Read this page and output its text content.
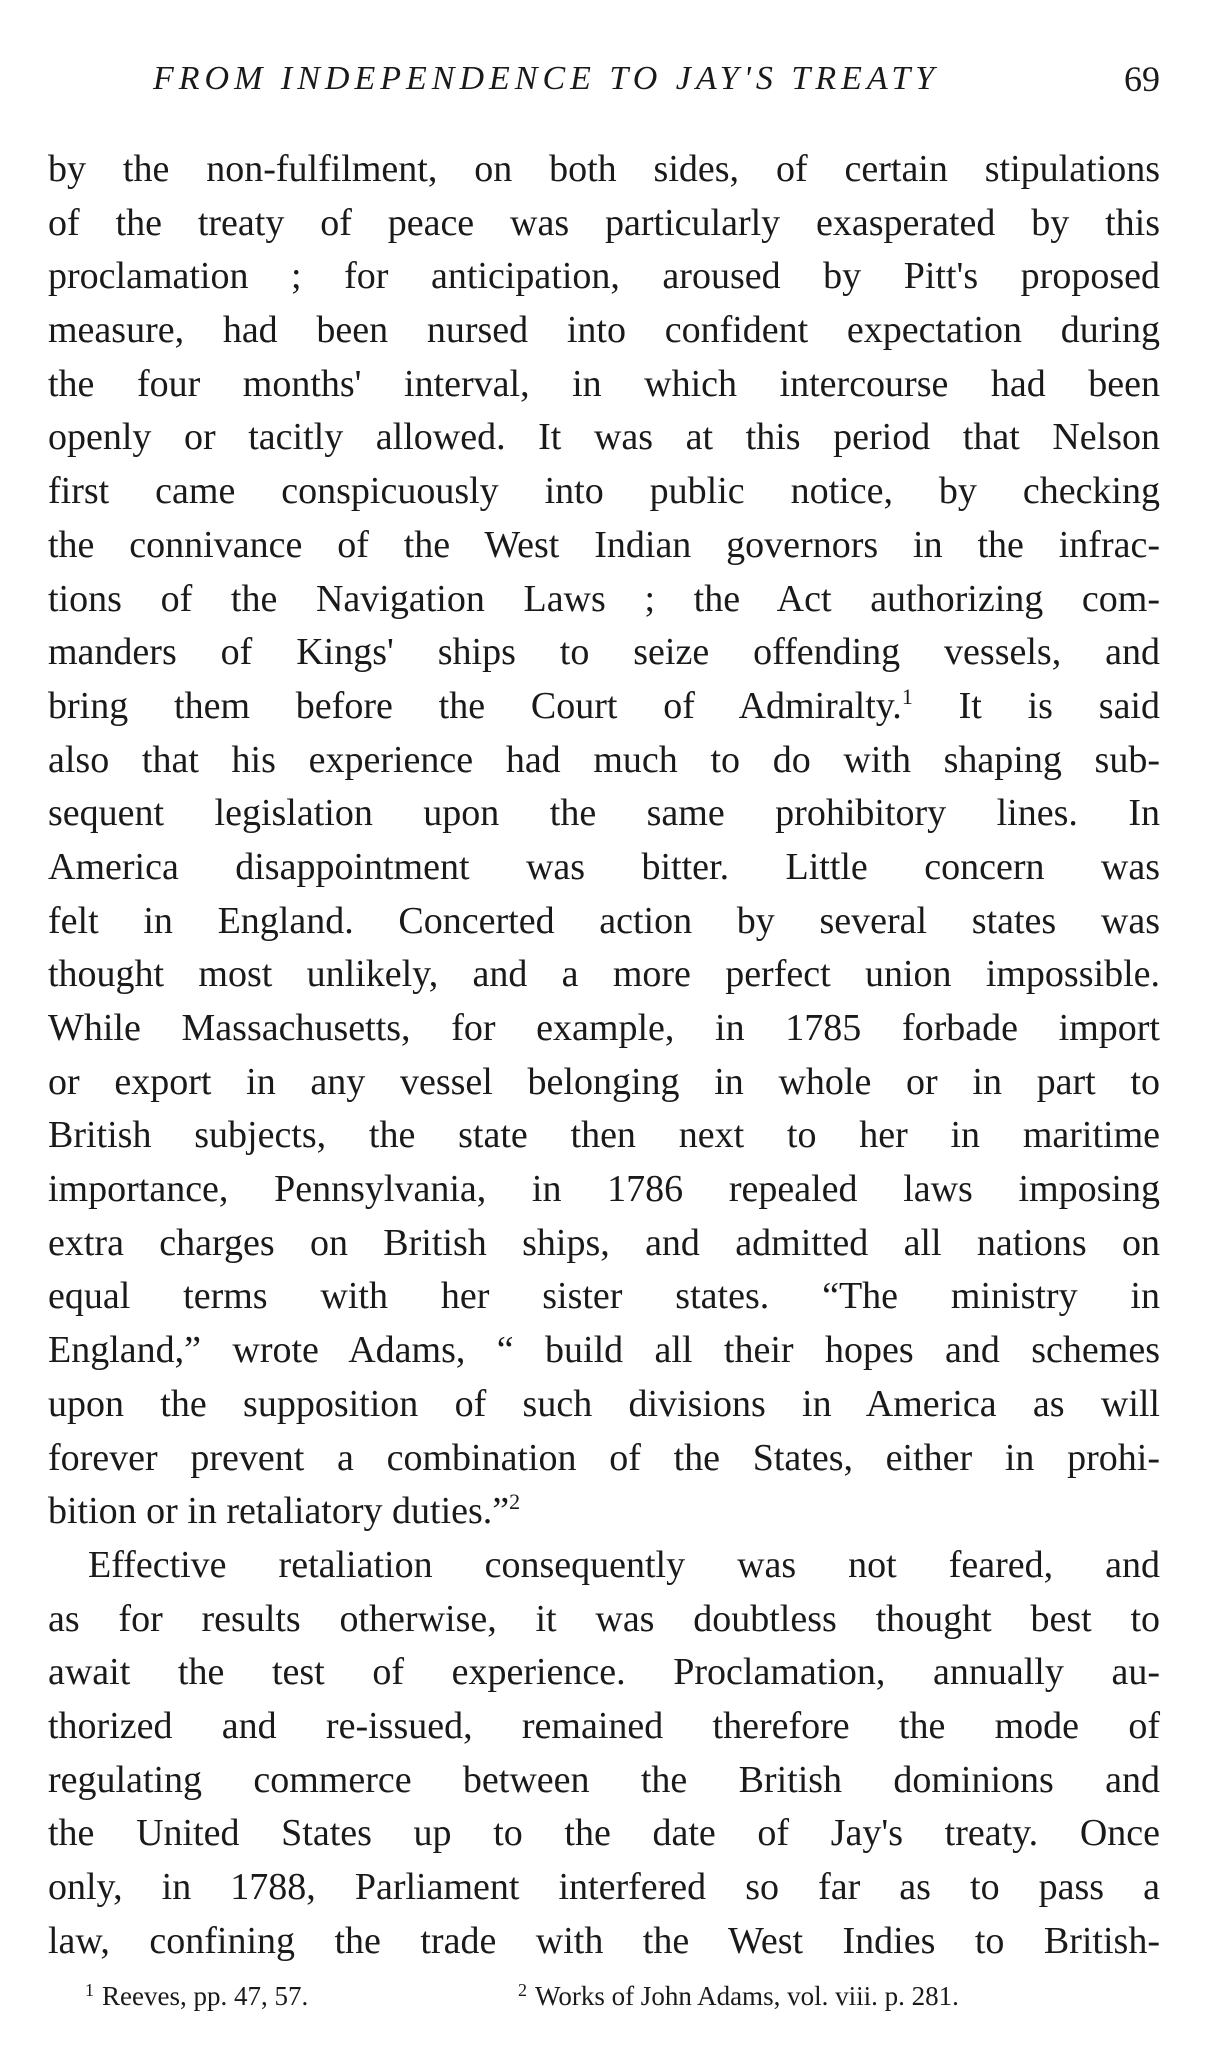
FROM INDEPENDENCE TO JAY'S TREATY	69
by the non-fulfilment, on both sides, of certain stipulations
of the treaty of peace was particularly exasperated by this
proclamation ; for anticipation, aroused by Pitt's proposed
measure, had been nursed into confident expectation during
the four months' interval, in which intercourse had been
openly or tacitly allowed. It was at this period that Nelson
first came conspicuously into public notice, by checking
the connivance of the West Indian governors in the infrac-
tions of the Navigation Laws ; the Act authorizing com-
manders of Kings' ships to seize offending vessels, and
bring them before the Court of Admiralty.$^1$ It is said
also that his experience had much to do with shaping sub-
sequent legislation upon the same prohibitory lines. In
America disappointment was bitter. Little concern was
felt in England. Concerted action by several states was
thought most unlikely, and a more perfect union impossible.
While Massachusetts, for example, in 1785 forbade import
or export in any vessel belonging in whole or in part to
British subjects, the state then next to her in maritime
importance, Pennsylvania, in 1786 repealed laws imposing
extra charges on British ships, and admitted all nations on
equal terms with her sister states. “The ministry in
England,” wrote Adams, “ build all their hopes and schemes
upon the supposition of such divisions in America as will
forever prevent a combination of the States, either in prohi-
bition or in retaliatory duties.”$^2$
Effective retaliation consequently was not feared, and
as for results otherwise, it was doubtless thought best to
await the test of experience. Proclamation, annually au-
thorized and re-issued, remained therefore the mode of
regulating commerce between the British dominions and
the United States up to the date of Jay's treaty. Once
only, in 1788, Parliament interfered so far as to pass a
law, confining the trade with the West Indies to British-
$^1$ Reeves, pp. 47, 57.	$^2$ Works of John Adams, vol. viii. p. 281.
